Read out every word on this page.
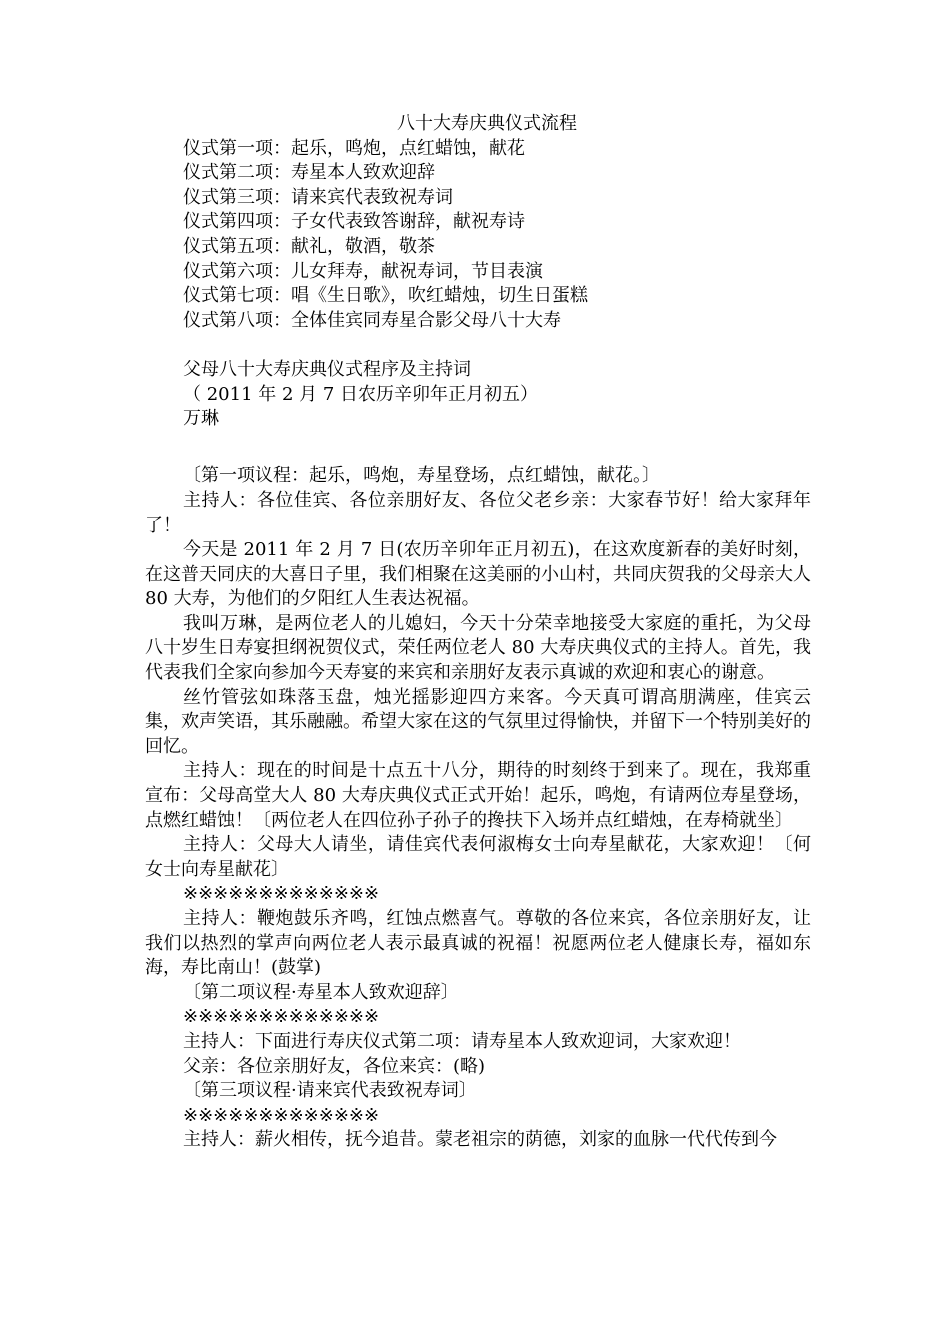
八十大寿庆典仪式流程
仪式第一项：起乐，鸣炮，点红蜡蚀，献花
仪式第二项：寿星本人致欢迎辞
仪式第三项：请来宾代表致祝寿词
仪式第四项：子女代表致答谢辞，献祝寿诗
仪式第五项：献礼，敬酒，敬茶
仪式第六项：儿女拜寿，献祝寿词，节目表演
仪式第七项：唱《生日歌》，吹红蜡烛，切生日蛋糕
仪式第八项：全体佳宾同寿星合影父母八十大寿
父母八十大寿庆典仪式程序及主持词
（ 2011 年 2 月 7 日农历辛卯年正月初五）
万琳

〔第一项议程：起乐，鸣炮，寿星登场，点红蜡蚀，献花。〕

主持人：各位佳宾、各位亲朋好友、各位父老乡亲：大家春节好！给大家拜年了！

今天是 2011 年 2 月 7 日(农历辛卯年正月初五)，在这欢度新春的美好时刻，在这普天同庆的大喜日子里，我们相聚在这美丽的小山村，共同庆贺我的父母亲大人 80 大寿，为他们的夕阳红人生表达祝福。

我叫万琳，是两位老人的儿媳妇，今天十分荣幸地接受大家庭的重托，为父母八十岁生日寿宴担纲祝贺仪式，荣任两位老人 80 大寿庆典仪式的主持人。首先，我代表我们全家向参加今天寿宴的来宾和亲朋好友表示真诚的欢迎和衷心的谢意。

丝竹管弦如珠落玉盘，烛光摇影迎四方来客。今天真可谓高朋满座，佳宾云集，欢声笑语，其乐融融。希望大家在这的气氛里过得愉快，并留下一个特别美好的回忆。

主持人：现在的时间是十点五十八分，期待的时刻终于到来了。现在，我郑重宣布：父母高堂大人 80 大寿庆典仪式正式开始！起乐，鸣炮，有请两位寿星登场，点燃红蜡蚀！〔两位老人在四位孙子孙子的搀扶下入场并点红蜡烛，在寿椅就坐〕

主持人：父母大人请坐，请佳宾代表何淑梅女士向寿星献花，大家欢迎！〔何女士向寿星献花〕

※※※※※※※※※※※※※

主持人：鞭炮鼓乐齐鸣，红蚀点燃喜气。尊敬的各位来宾，各位亲朋好友，让我们以热烈的掌声向两位老人表示最真诚的祝福！祝愿两位老人健康长寿，福如东海，寿比南山！(鼓掌)

〔第二项议程·寿星本人致欢迎辞〕

※※※※※※※※※※※※※

主持人：下面进行寿庆仪式第二项：请寿星本人致欢迎词，大家欢迎！

父亲：各位亲朋好友，各位来宾：(略)

〔第三项议程·请来宾代表致祝寿词〕

※※※※※※※※※※※※※

主持人：薪火相传，抚今追昔。蒙老祖宗的荫德，刘家的血脉一代代传到今
